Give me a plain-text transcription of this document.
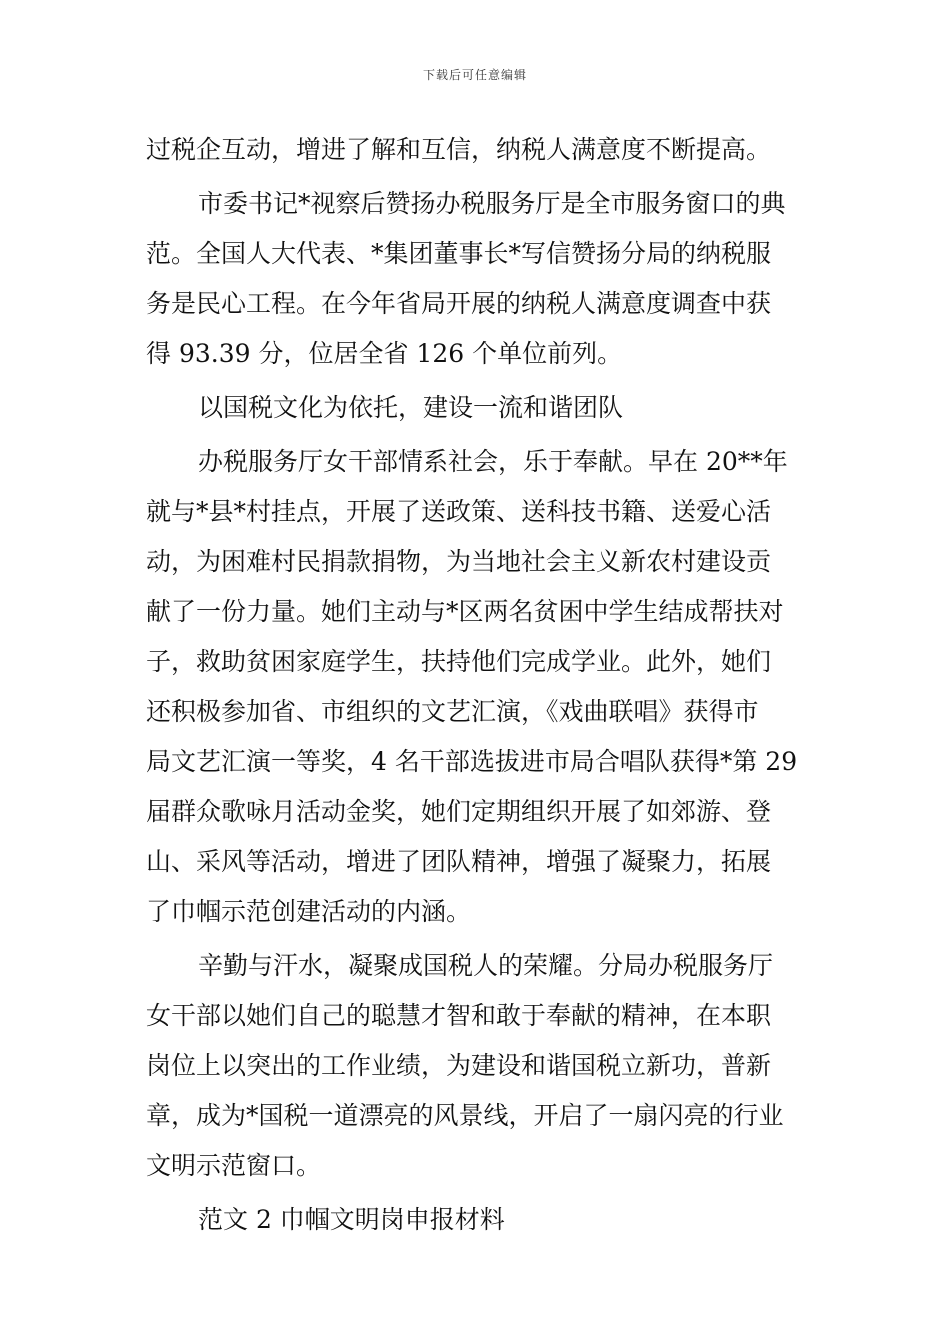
下载后可任意编辑
过税企互动，增进了解和互信，纳税人满意度不断提高。
市委书记*视察后赞扬办税服务厅是全市服务窗口的典
范。全国人大代表、*集团董事长*写信赞扬分局的纳税服
务是民心工程。在今年省局开展的纳税人满意度调查中获
得 93.39 分，位居全省 126 个单位前列。
以国税文化为依托，建设一流和谐团队
办税服务厅女干部情系社会，乐于奉献。早在 20**年
就与*县*村挂点，开展了送政策、送科技书籍、送爱心活
动，为困难村民捐款捐物，为当地社会主义新农村建设贡
献了一份力量。她们主动与*区两名贫困中学生结成帮扶对
子，救助贫困家庭学生，扶持他们完成学业。此外，她们
还积极参加省、市组织的文艺汇演，《戏曲联唱》获得市
局文艺汇演一等奖，4 名干部选拔进市局合唱队获得*第 29
届群众歌咏月活动金奖，她们定期组织开展了如郊游、登
山、采风等活动，增进了团队精神，增强了凝聚力，拓展
了巾帼示范创建活动的内涵。
辛勤与汗水，凝聚成国税人的荣耀。分局办税服务厅
女干部以她们自己的聪慧才智和敢于奉献的精神，在本职
岗位上以突出的工作业绩，为建设和谐国税立新功，普新
章，成为*国税一道漂亮的风景线，开启了一扇闪亮的行业
文明示范窗口。
范文 2 巾帼文明岗申报材料
